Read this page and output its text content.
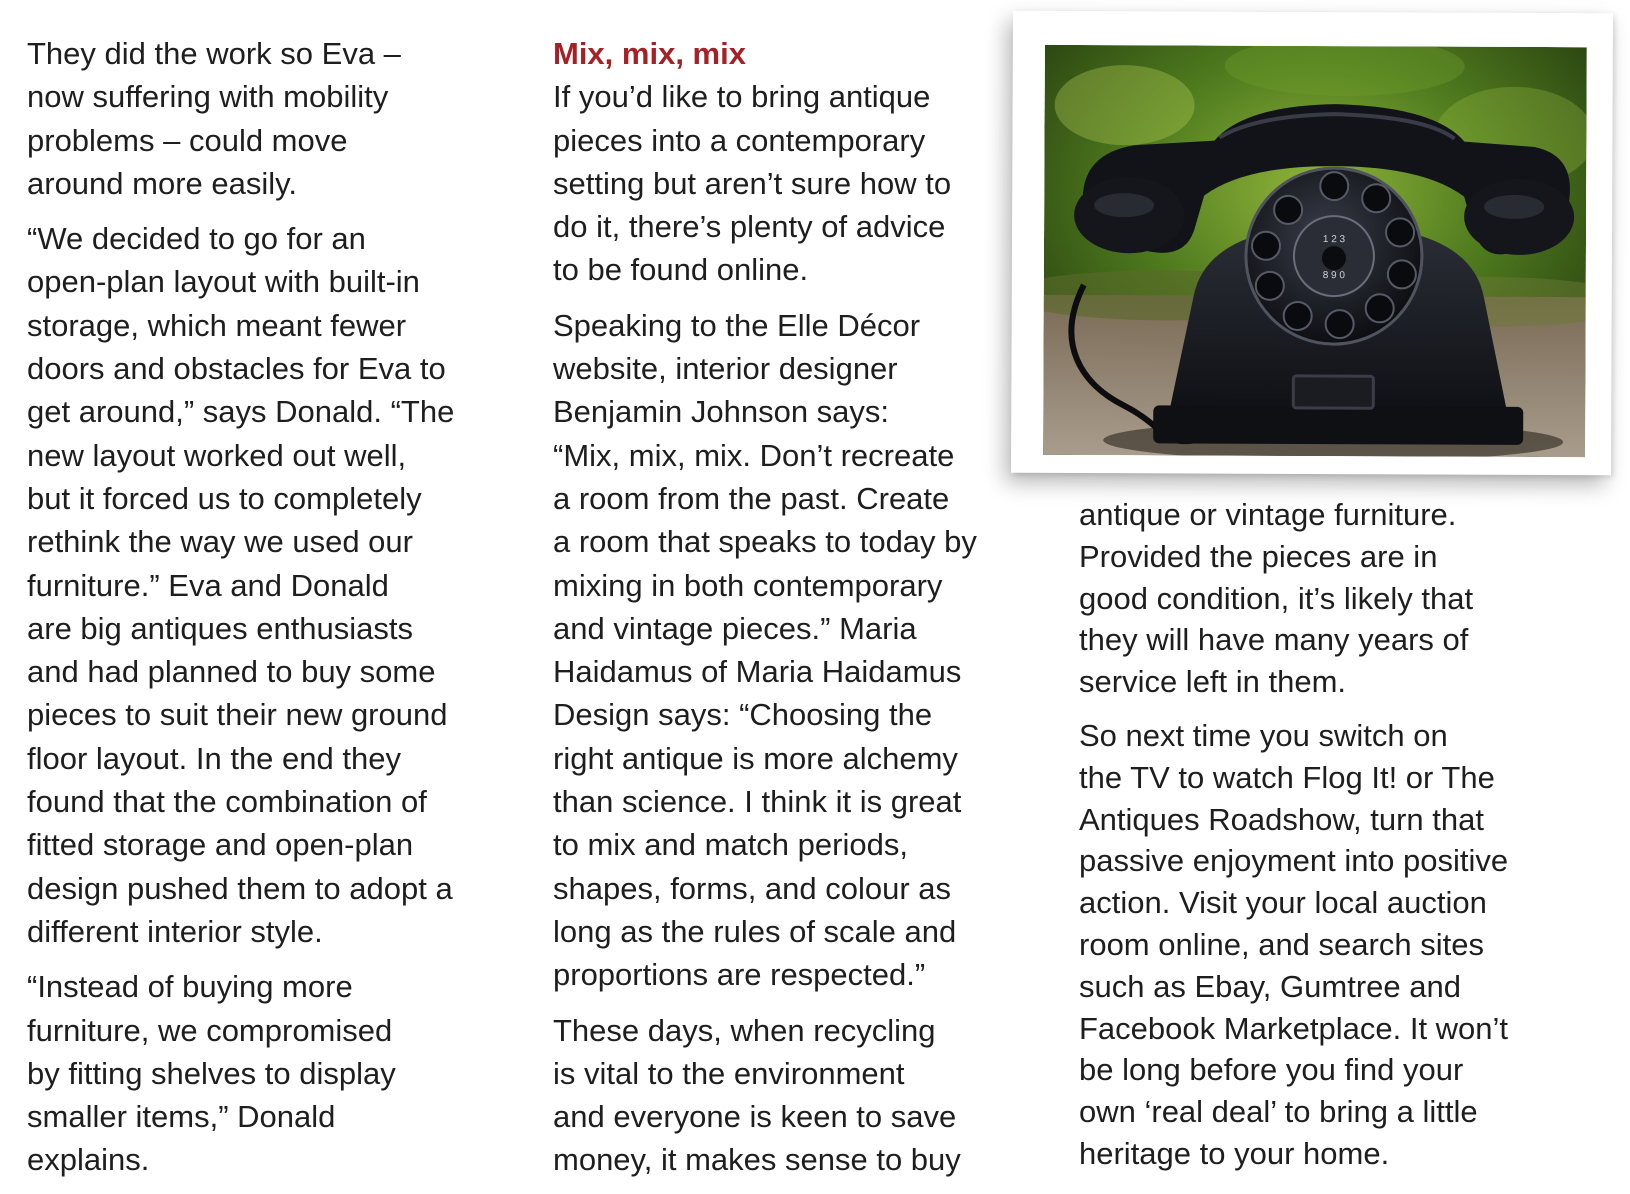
They did the work so Eva –
now suffering with mobility
problems – could move
around more easily.

“We decided to go for an
open-plan layout with built-in
storage, which meant fewer
doors and obstacles for Eva to
get around,” says Donald. “The
new layout worked out well,
but it forced us to completely
rethink the way we used our
furniture.” Eva and Donald
are big antiques enthusiasts
and had planned to buy some
pieces to suit their new ground
floor layout. In the end they
found that the combination of
fitted storage and open-plan
design pushed them to adopt a
different interior style.

“Instead of buying more
furniture, we compromised
by fitting shelves to display
smaller items,” Donald
explains.

Mix, mix, mix

If you’d like to bring antique
pieces into a contemporary
setting but aren’t sure how to
do it, there’s plenty of advice
to be found online.

Speaking to the Elle Décor
website, interior designer
Benjamin Johnson says:
“Mix, mix, mix. Don’t recreate
a room from the past. Create
a room that speaks to today by
mixing in both contemporary
and vintage pieces.” Maria
Haidamus of Maria Haidamus
Design says: “Choosing the
right antique is more alchemy
than science. I think it is great
to mix and match periods,
shapes, forms, and colour as
long as the rules of scale and
proportions are respected.”

These days, when recycling
is vital to the environment
and everyone is keen to save
money, it makes sense to buy

1 2 3
8 9 0

antique or vintage furniture.
Provided the pieces are in
good condition, it’s likely that
they will have many years of
service left in them.

So next time you switch on
the TV to watch Flog It! or The
Antiques Roadshow, turn that
passive enjoyment into positive
action. Visit your local auction
room online, and search sites
such as Ebay, Gumtree and
Facebook Marketplace. It won’t
be long before you find your
own ‘real deal’ to bring a little
heritage to your home.
